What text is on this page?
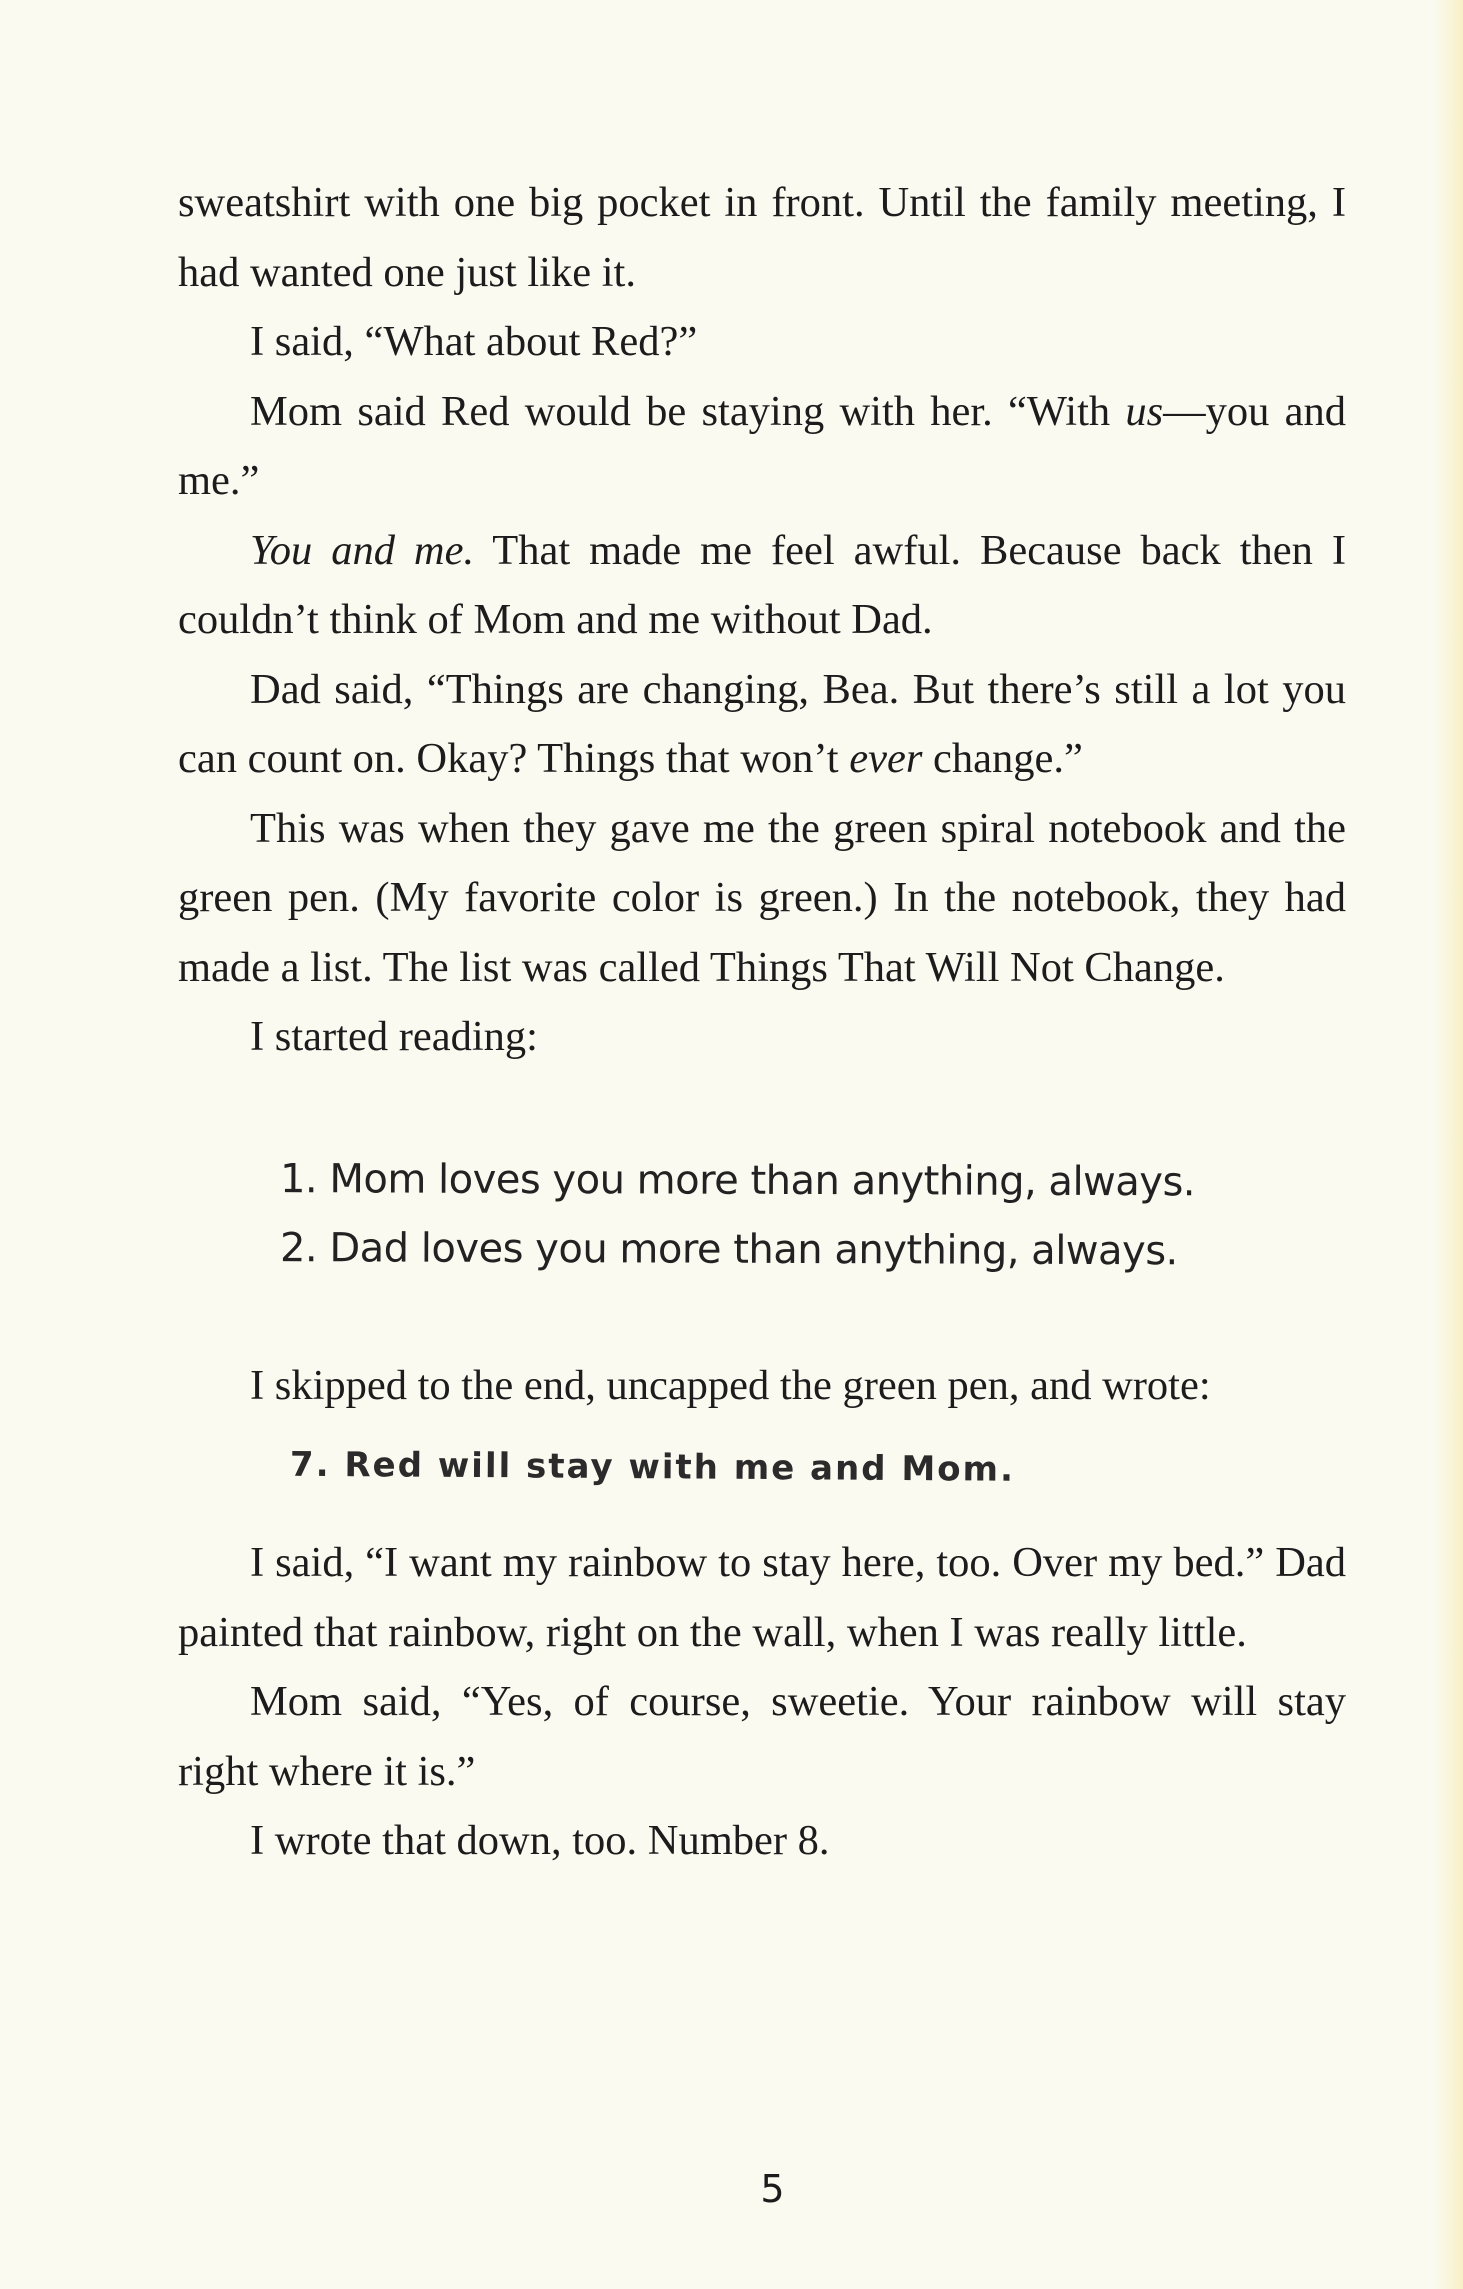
sweatshirt with one big pocket in front. Until the family meeting, I had wanted one just like it.

I said, “What about Red?”

Mom said Red would be staying with her. “With us—you and me.”

You and me. That made me feel awful. Because back then I couldn’t think of Mom and me without Dad.

Dad said, “Things are changing, Bea. But there’s still a lot you can count on. Okay? Things that won’t ever change.”

This was when they gave me the green spiral notebook and the green pen. (My favorite color is green.) In the notebook, they had made a list. The list was called Things That Will Not Change.

I started reading:

1. Mom loves you more than anything, always.
2. Dad loves you more than anything, always.

I skipped to the end, uncapped the green pen, and wrote:

7. Red will stay with me and Mom.

I said, “I want my rainbow to stay here, too. Over my bed.” Dad painted that rainbow, right on the wall, when I was really little.

Mom said, “Yes, of course, sweetie. Your rainbow will stay right where it is.”

I wrote that down, too. Number 8.

5
